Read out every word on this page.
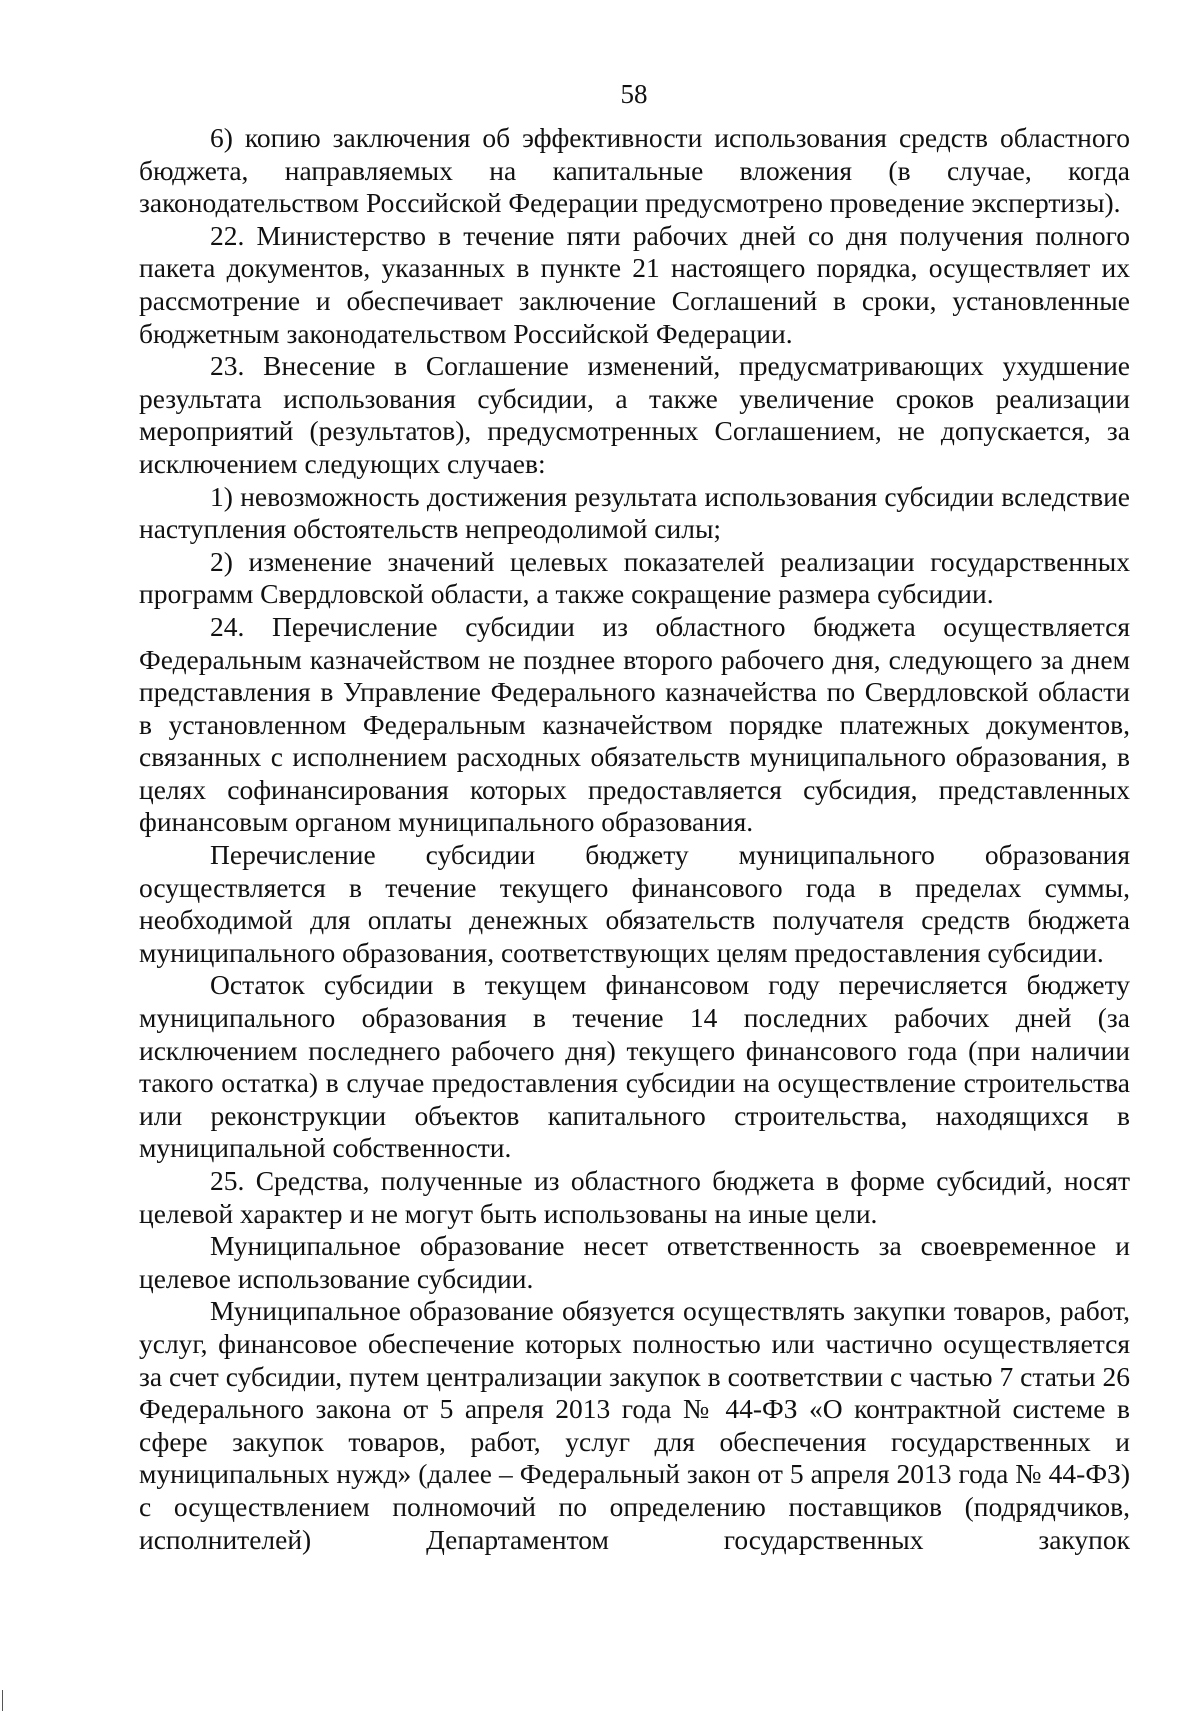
58

6) копию заключения об эффективности использования средств областного бюджета, направляемых на капитальные вложения (в случае, когда законодательством Российской Федерации предусмотрено проведение экспертизы).

22. Министерство в течение пяти рабочих дней со дня получения полного пакета документов, указанных в пункте 21 настоящего порядка, осуществляет их рассмотрение и обеспечивает заключение Соглашений в сроки, установленные бюджетным законодательством Российской Федерации.

23. Внесение в Соглашение изменений, предусматривающих ухудшение результата использования субсидии, а также увеличение сроков реализации мероприятий (результатов), предусмотренных Соглашением, не допускается, за исключением следующих случаев:

1) невозможность достижения результата использования субсидии вследствие наступления обстоятельств непреодолимой силы;

2) изменение значений целевых показателей реализации государственных программ Свердловской области, а также сокращение размера субсидии.

24. Перечисление субсидии из областного бюджета осуществляется Федеральным казначейством не позднее второго рабочего дня, следующего за днем представления в Управление Федерального казначейства по Свердловской области в установленном Федеральным казначейством порядке платежных документов, связанных с исполнением расходных обязательств муниципального образования, в целях софинансирования которых предоставляется субсидия, представленных финансовым органом муниципального образования.

Перечисление субсидии бюджету муниципального образования осуществляется в течение текущего финансового года в пределах суммы, необходимой для оплаты денежных обязательств получателя средств бюджета муниципального образования, соответствующих целям предоставления субсидии.

Остаток субсидии в текущем финансовом году перечисляется бюджету муниципального образования в течение 14 последних рабочих дней (за исключением последнего рабочего дня) текущего финансового года (при наличии такого остатка) в случае предоставления субсидии на осуществление строительства или реконструкции объектов капитального строительства, находящихся в муниципальной собственности.

25. Средства, полученные из областного бюджета в форме субсидий, носят целевой характер и не могут быть использованы на иные цели.

Муниципальное образование несет ответственность за своевременное и целевое использование субсидии.

Муниципальное образование обязуется осуществлять закупки товаров, работ, услуг, финансовое обеспечение которых полностью или частично осуществляется за счет субсидии, путем централизации закупок в соответствии с частью 7 статьи 26 Федерального закона от 5 апреля 2013 года № 44-ФЗ «О контрактной системе в сфере закупок товаров, работ, услуг для обеспечения государственных и муниципальных нужд» (далее – Федеральный закон от 5 апреля 2013 года № 44-ФЗ) с осуществлением полномочий по определению поставщиков (подрядчиков, исполнителей) Департаментом государственных закупок
